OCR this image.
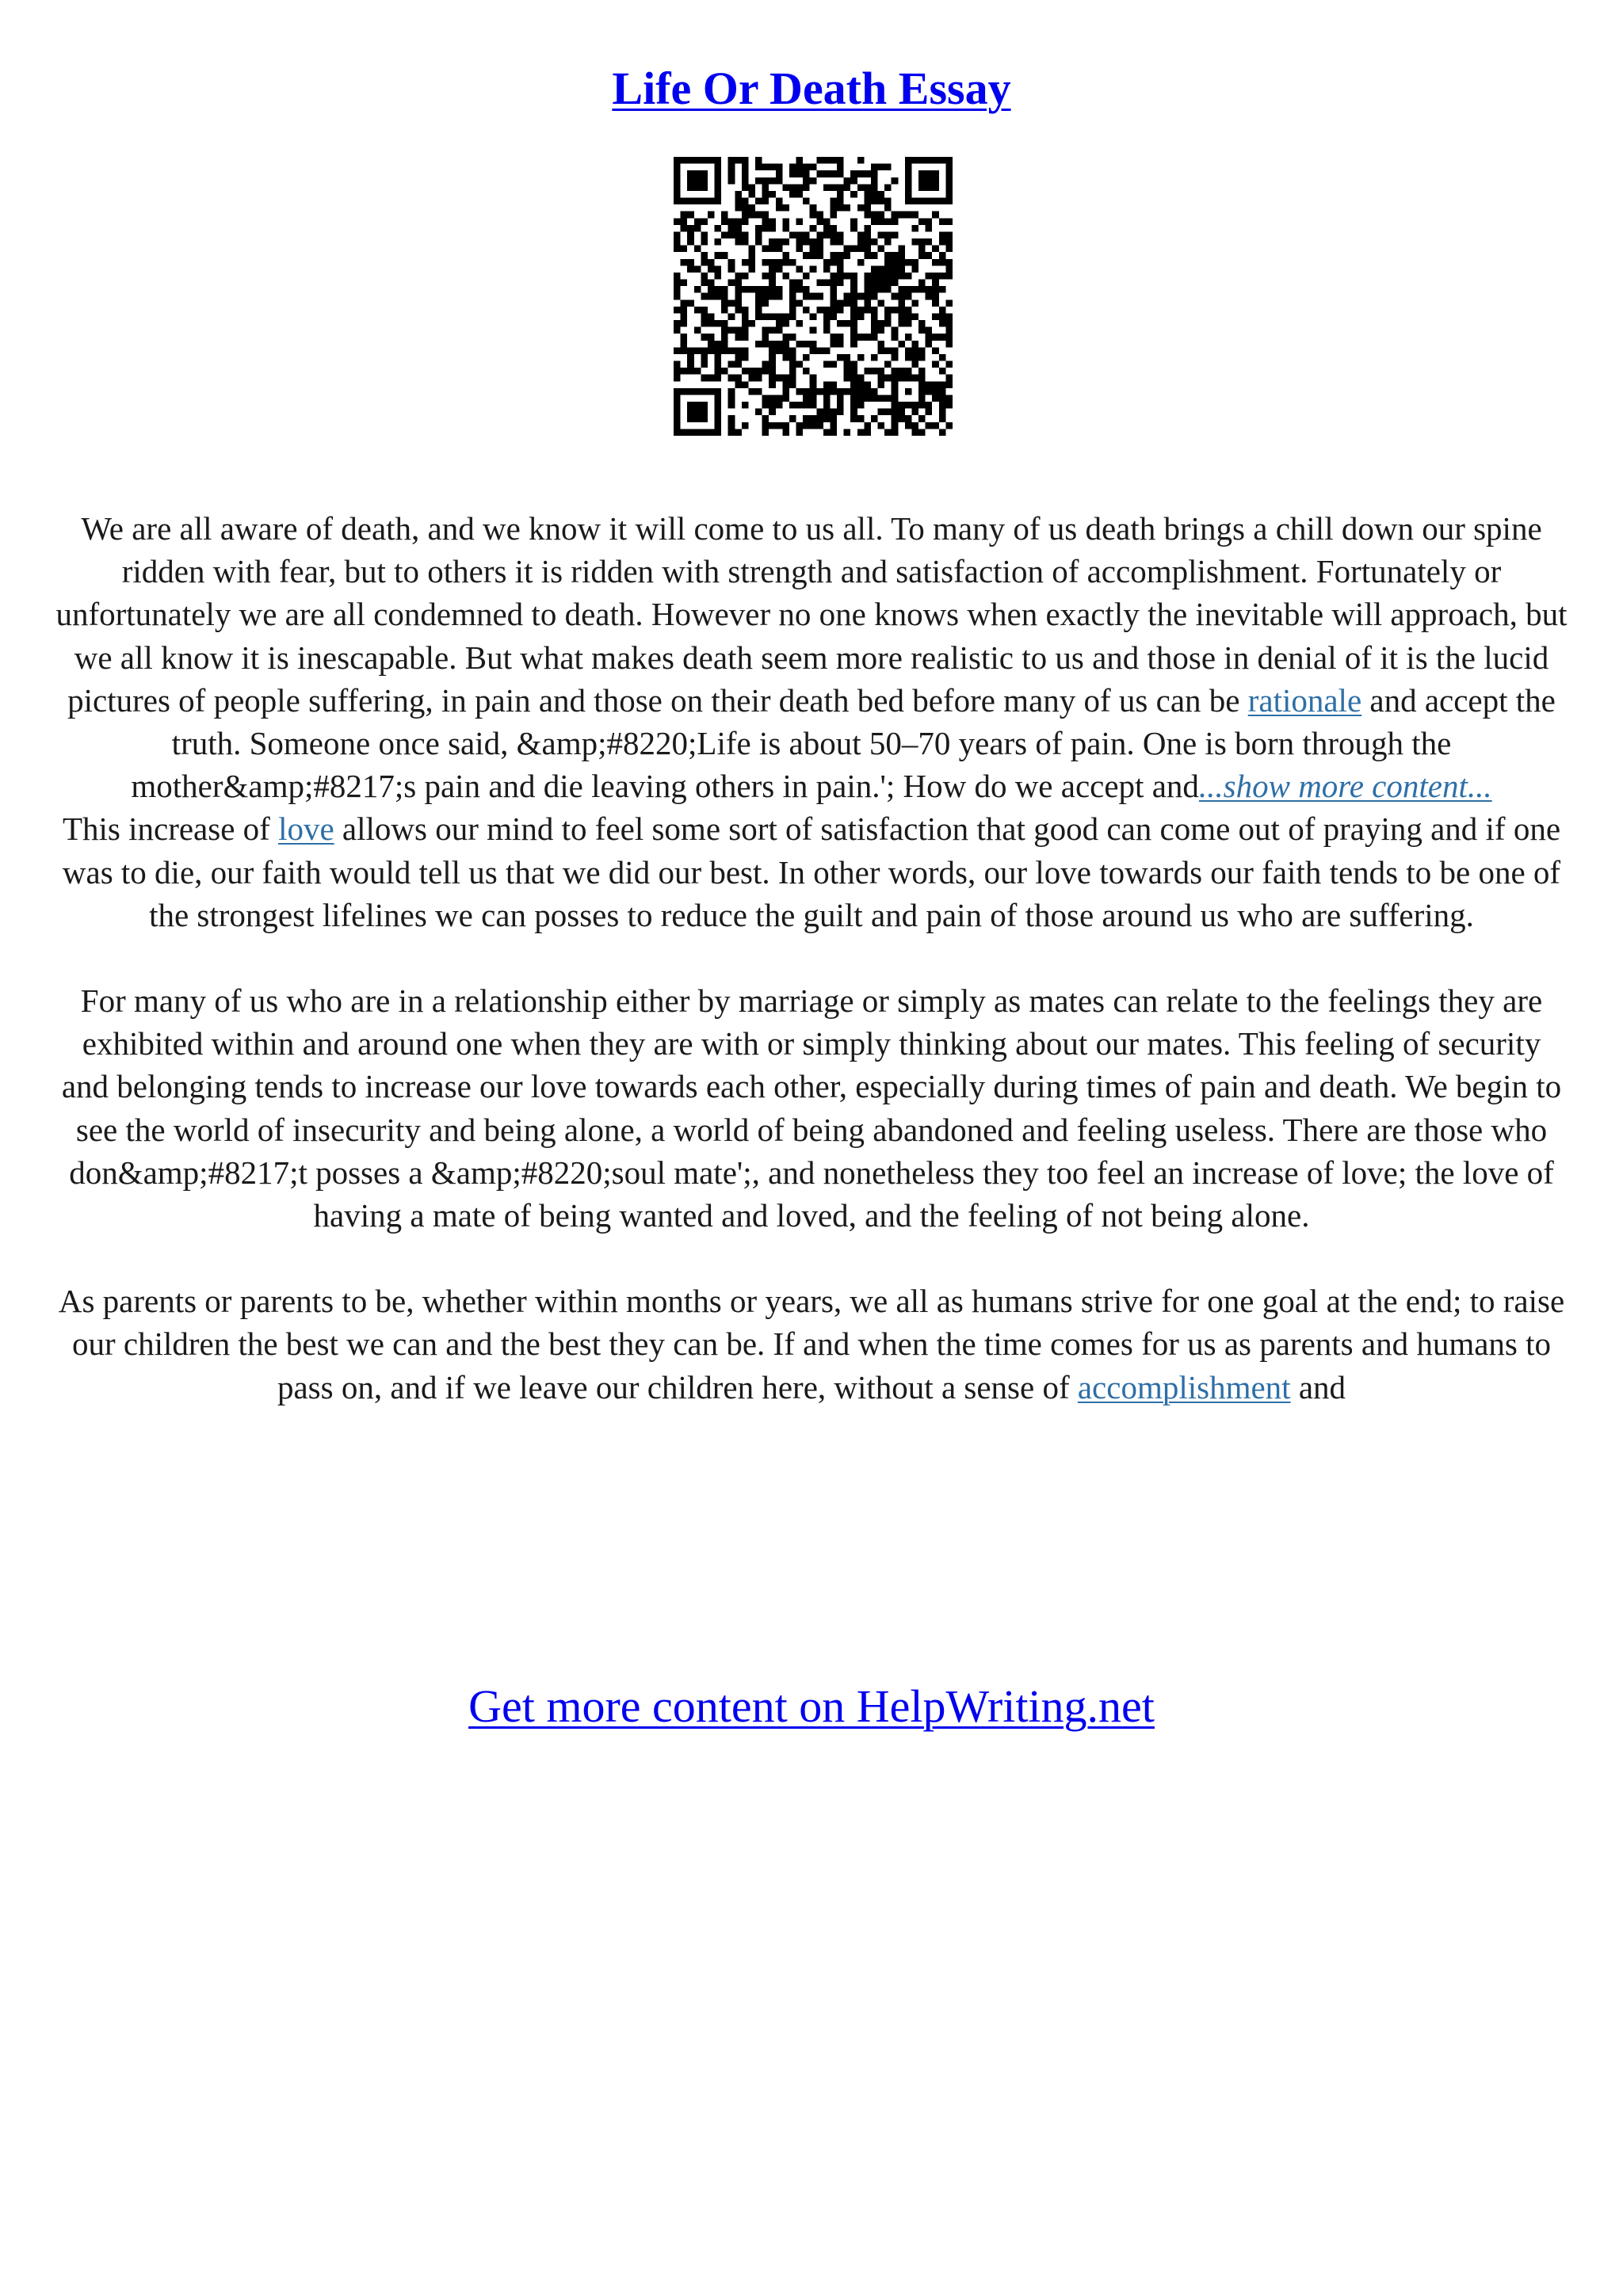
Life Or Death Essay

We are all aware of death, and we know it will come to us all. To many of us death brings a chill down our spine ridden with fear, but to others it is ridden with strength and satisfaction of accomplishment. Fortunately or unfortunately we are all condemned to death. However no one knows when exactly the inevitable will approach, but we all know it is inescapable. But what makes death seem more realistic to us and those in denial of it is the lucid pictures of people suffering, in pain and those on their death bed before many of us can be rationale and accept the truth. Someone once said, &amp;#8220;Life is about 50–70 years of pain. One is born through the mother&amp;#8217;s pain and die leaving others in pain.'; How do we accept and...show more content...

This increase of love allows our mind to feel some sort of satisfaction that good can come out of praying and if one was to die, our faith would tell us that we did our best. In other words, our love towards our faith tends to be one of the strongest lifelines we can posses to reduce the guilt and pain of those around us who are suffering.

For many of us who are in a relationship either by marriage or simply as mates can relate to the feelings they are exhibited within and around one when they are with or simply thinking about our mates. This feeling of security and belonging tends to increase our love towards each other, especially during times of pain and death. We begin to see the world of insecurity and being alone, a world of being abandoned and feeling useless. There are those who don&amp;#8217;t posses a &amp;#8220;soul mate';, and nonetheless they too feel an increase of love; the love of having a mate of being wanted and loved, and the feeling of not being alone.

As parents or parents to be, whether within months or years, we all as humans strive for one goal at the end; to raise our children the best we can and the best they can be. If and when the time comes for us as parents and humans to pass on, and if we leave our children here, without a sense of accomplishment and

Get more content on HelpWriting.net
